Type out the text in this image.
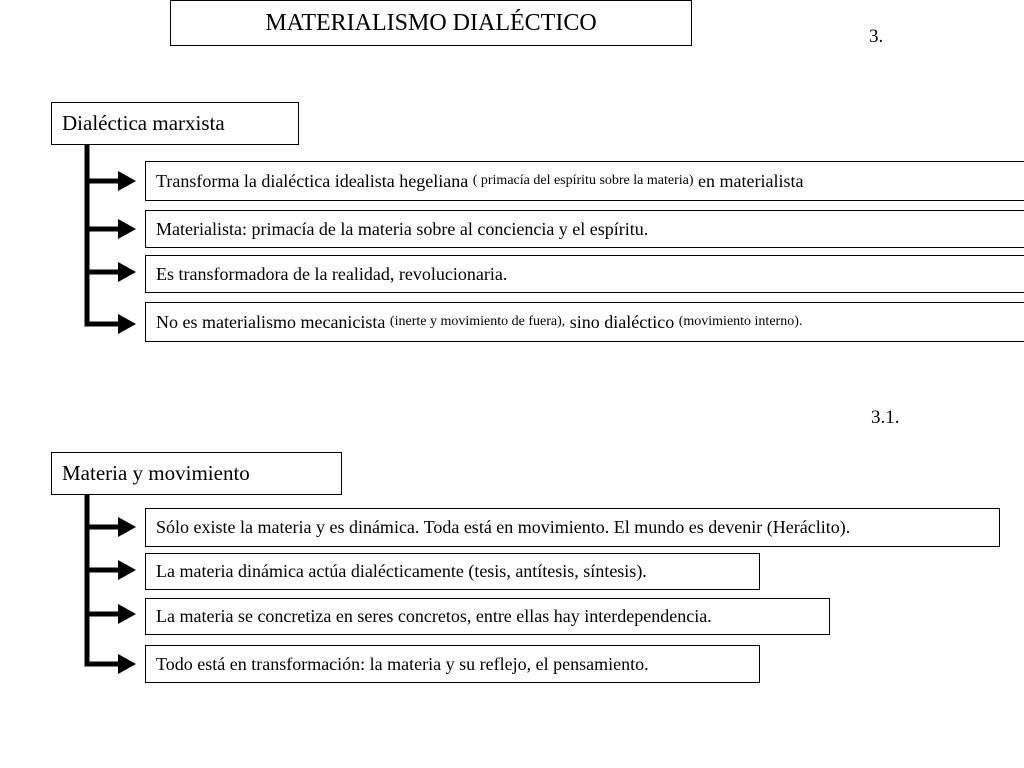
MATERIALISMO DIALÉCTICO
3.
Dialéctica marxista
Transforma la dialéctica idealista hegeliana ( primacía del espíritu sobre la materia) en materialista
Materialista: primacía de la materia sobre al conciencia y el espíritu.
Es transformadora de la realidad, revolucionaria.
No es materialismo mecanicista (inerte y movimiento de fuera), sino dialéctico (movimiento interno).
3.1.
Materia y movimiento
Sólo existe la materia y es dinámica. Toda está en movimiento. El mundo es devenir (Heráclito).
La materia dinámica actúa dialécticamente (tesis, antítesis, síntesis).
La materia se concretiza en seres concretos, entre ellas hay interdependencia.
Todo está en transformación: la materia y su reflejo, el pensamiento.
